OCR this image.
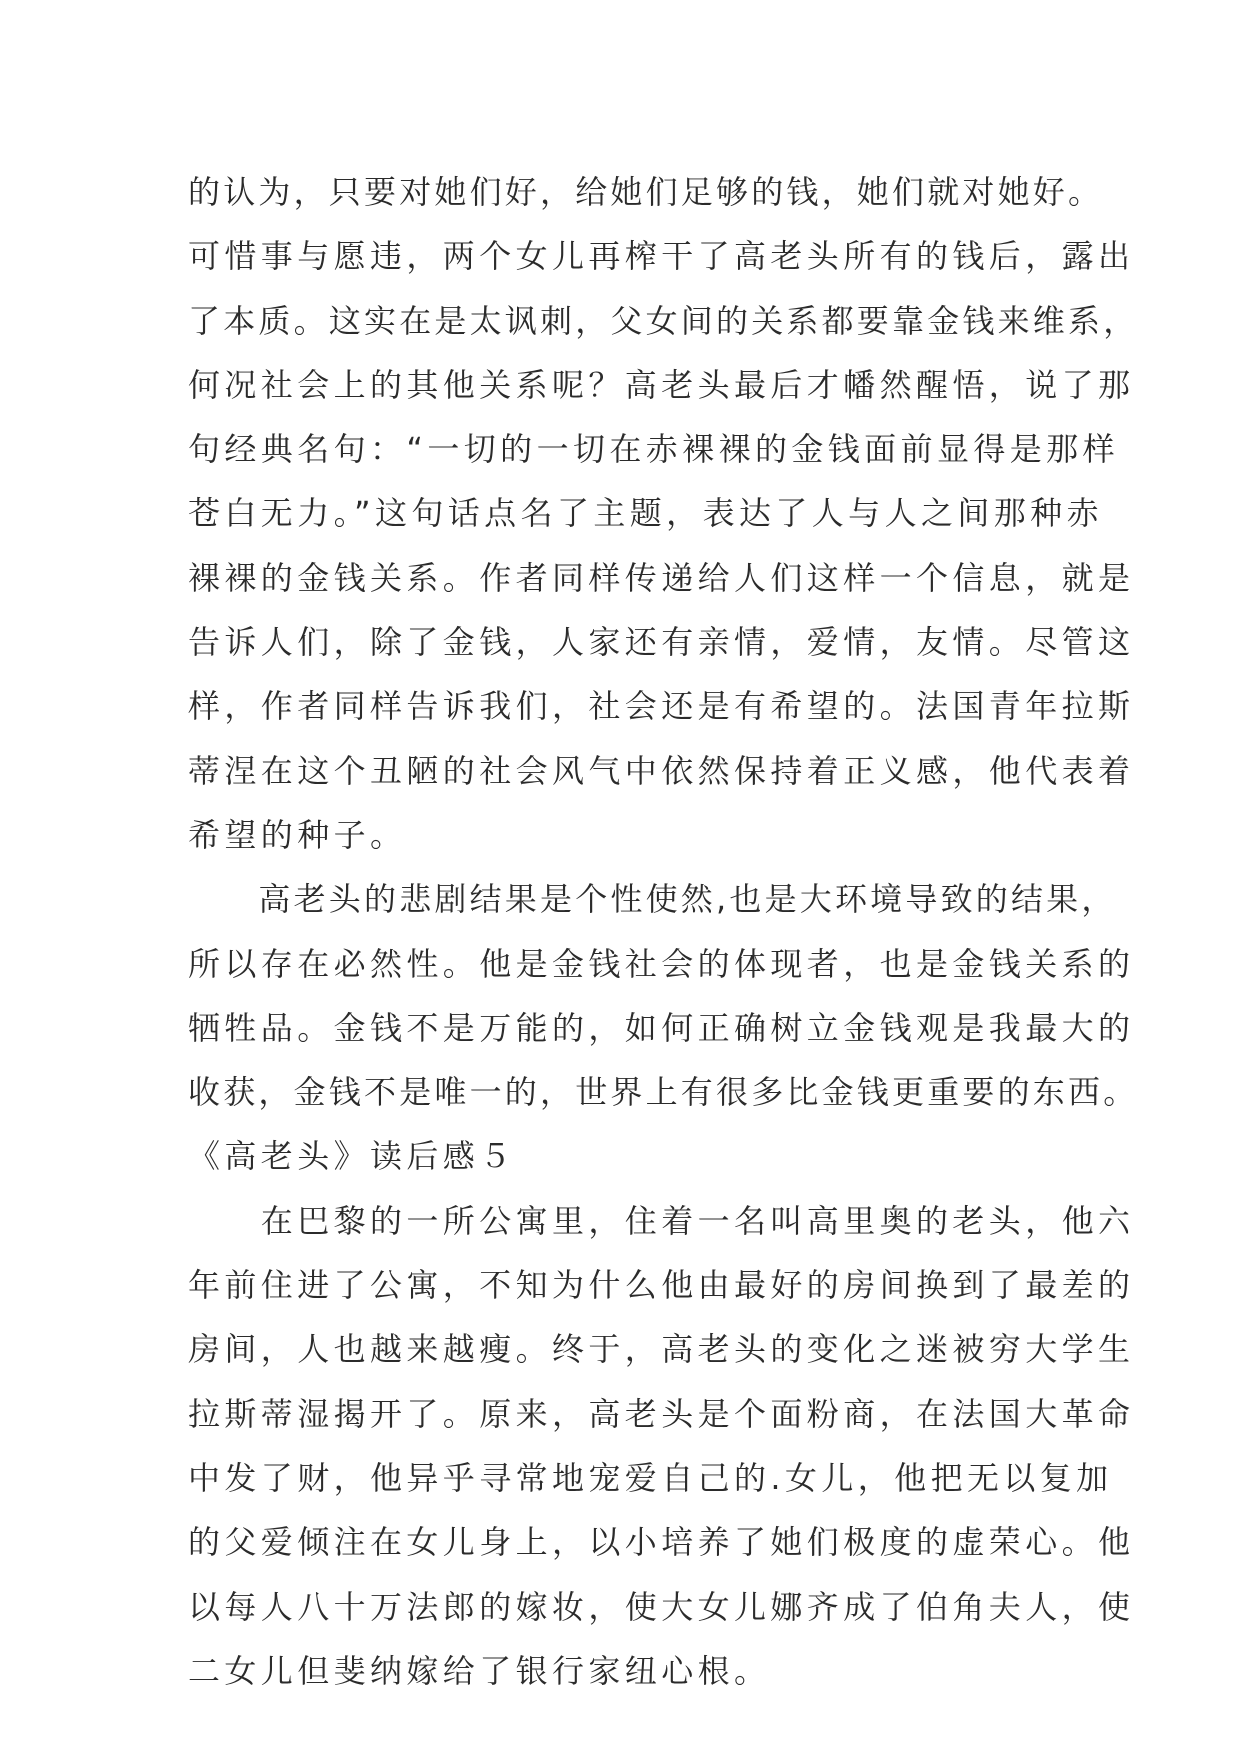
的认为，只要对她们好，给她们足够的钱，她们就对她好。
可惜事与愿违，两个女儿再榨干了高老头所有的钱后，露出
了本质。这实在是太讽刺，父女间的关系都要靠金钱来维系，
何况社会上的其他关系呢？高老头最后才幡然醒悟，说了那
句经典名句：“一切的一切在赤裸裸的金钱面前显得是那样
苍白无力。”这句话点名了主题，表达了人与人之间那种赤
裸裸的金钱关系。作者同样传递给人们这样一个信息，就是
告诉人们，除了金钱，人家还有亲情，爱情，友情。尽管这
样，作者同样告诉我们，社会还是有希望的。法国青年拉斯
蒂涅在这个丑陋的社会风气中依然保持着正义感，他代表着
希望的种子。
　　高老头的悲剧结果是个性使然,也是大环境导致的结果，
所以存在必然性。他是金钱社会的体现者，也是金钱关系的
牺牲品。金钱不是万能的，如何正确树立金钱观是我最大的
收获，金钱不是唯一的，世界上有很多比金钱更重要的东西。
《高老头》读后感５
　　在巴黎的一所公寓里，住着一名叫高里奥的老头，他六
年前住进了公寓，不知为什么他由最好的房间换到了最差的
房间，人也越来越瘦。终于，高老头的变化之迷被穷大学生
拉斯蒂湿揭开了。原来，高老头是个面粉商，在法国大革命
中发了财，他异乎寻常地宠爱自己的.女儿，他把无以复加
的父爱倾注在女儿身上，以小培养了她们极度的虚荣心。他
以每人八十万法郎的嫁妆，使大女儿娜齐成了伯角夫人，使
二女儿但斐纳嫁给了银行家纽心根。
